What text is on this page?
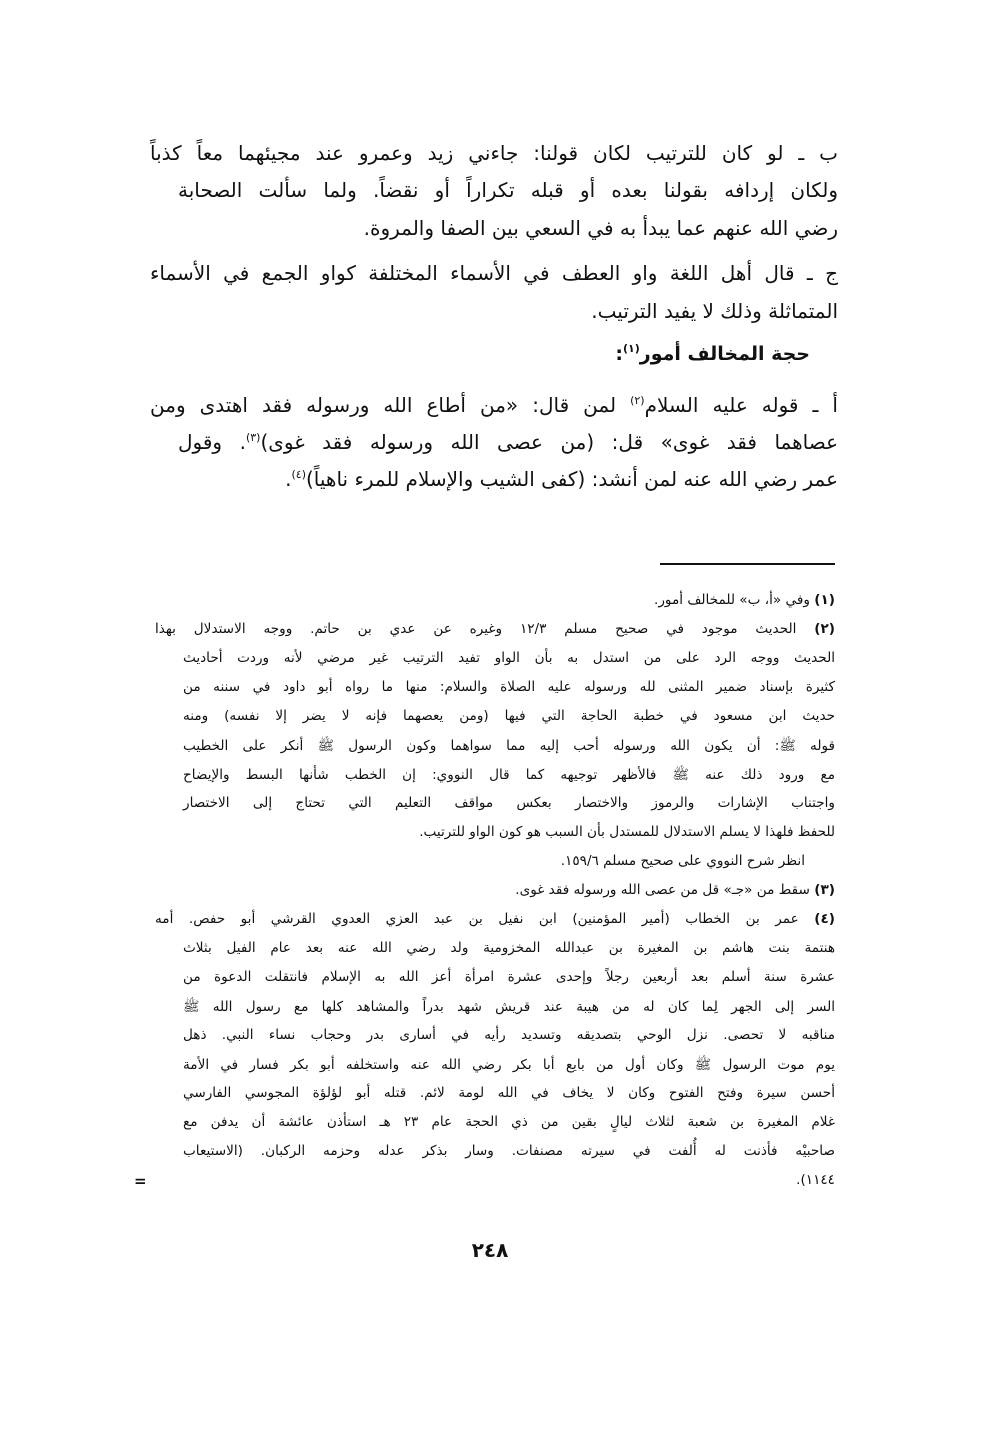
ب ـ لو كان للترتيب لكان قولنا: جاءني زيد وعمرو عند مجيئهما معاً كذباً
ولكان إردافه بقولنا بعده أو قبله تكراراً أو نقضاً. ولما سألت الصحابة
رضي الله عنهم عما يبدأ به في السعي بين الصفا والمروة.
ج ـ قال أهل اللغة واو العطف في الأسماء المختلفة كواو الجمع في الأسماء
المتماثلة وذلك لا يفيد الترتيب.
حجة المخالف أمور$^{(١)}$:
أ ـ قوله عليه السلام$^{(٢)}$ لمن قال: «من أطاع الله ورسوله فقد اهتدى ومن
عصاهما فقد غوى» قل: (من عصى الله ورسوله فقد غوى)$^{(٣)}$. وقول
عمر رضي الله عنه لمن أنشد: (كفى الشيب والإسلام للمرء ناهياً)$^{(٤)}$.
(١) وفي «أ، ب» للمخالف أمور.
(٢) الحديث موجود في صحيح مسلم ١٢/٣ وغيره عن عدي بن حاتم. ووجه الاستدلال بهذا
الحديث ووجه الرد على من استدل به بأن الواو تفيد الترتيب غير مرضي لأنه وردت أحاديث
كثيرة بإسناد ضمير المثنى لله ورسوله عليه الصلاة والسلام: منها ما رواه أبو داود في سننه من
حديث ابن مسعود في خطبة الحاجة التي فيها (ومن يعصهما فإنه لا يضر إلا نفسه) ومنه
قوله ﷺ: أن يكون الله ورسوله أحب إليه مما سواهما وكون الرسول ﷺ أنكر على الخطيب
مع ورود ذلك عنه ﷺ فالأظهر توجيهه كما قال النووي: إن الخطب شأنها البسط والإيضاح
واجتناب الإشارات والرموز والاختصار بعكس مواقف التعليم التي تحتاج إلى الاختصار
للحفظ فلهذا لا يسلم الاستدلال للمستدل بأن السبب هو كون الواو للترتيب.
انظر شرح النووي على صحيح مسلم ١٥٩/٦.
(٣) سقط من «جـ» قل من عصى الله ورسوله فقد غوى.
(٤) عمر بن الخطاب (أمير المؤمنين) ابن نفيل بن عبد العزي العدوي القرشي أبو حفص. أمه
هنتمة بنت هاشم بن المغيرة بن عبدالله المخزومية ولد رضي الله عنه بعد عام الفيل بثلاث
عشرة سنة أسلم بعد أربعين رجلاً وإحدى عشرة امرأة أعز الله به الإسلام فانتقلت الدعوة من
السر إلى الجهر لِما كان له من هيبة عند قريش شهد بدراً والمشاهد كلها مع رسول الله ﷺ
مناقبه لا تحصى. نزل الوحي بتصديقه وتسديد رأيه في أسارى بدر وحجاب نساء النبي. ذهل
يوم موت الرسول ﷺ وكان أول من بايع أبا بكر رضي الله عنه واستخلفه أبو بكر فسار في الأمة
أحسن سيرة وفتح الفتوح وكان لا يخاف في الله لومة لائم. قتله أبو لؤلؤة المجوسي الفارسي
غلام المغيرة بن شعبة لثلاث ليالٍ بقين من ذي الحجة عام ٢٣ هـ استأذن عائشة أن يدفن مع
صاحبيْه فأذنت له أُلفت في سيرته مصنفات. وسار بذكر عدله وحزمه الركبان. (الاستيعاب
١١٤٤).
=
٢٤٨
